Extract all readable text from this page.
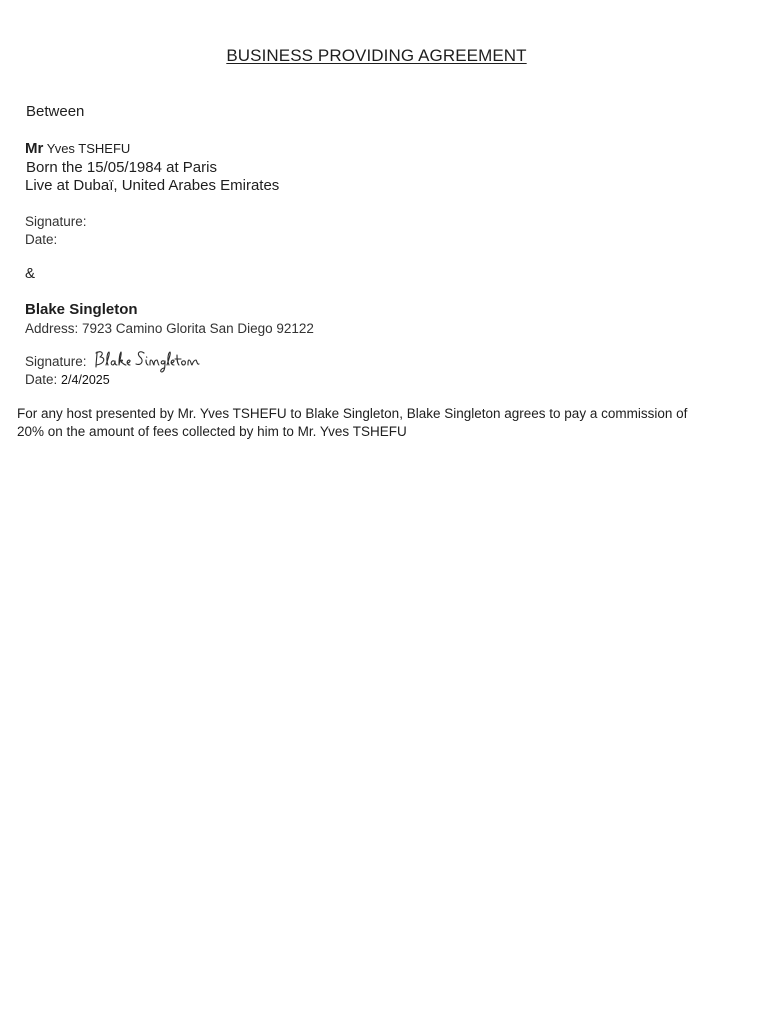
BUSINESS PROVIDING AGREEMENT
Between
Mr Yves TSHEFU
Born the 15/05/1984 at Paris
Live at Dubaï, United Arabes Emirates
Signature:
Date:
&
Blake Singleton
Address: 7923 Camino Glorita San Diego 92122
Signature:
Date: 2/4/2025
For any host presented by Mr. Yves TSHEFU to Blake Singleton, Blake Singleton agrees to pay a commission of 20% on the amount of fees collected by him to Mr. Yves TSHEFU
